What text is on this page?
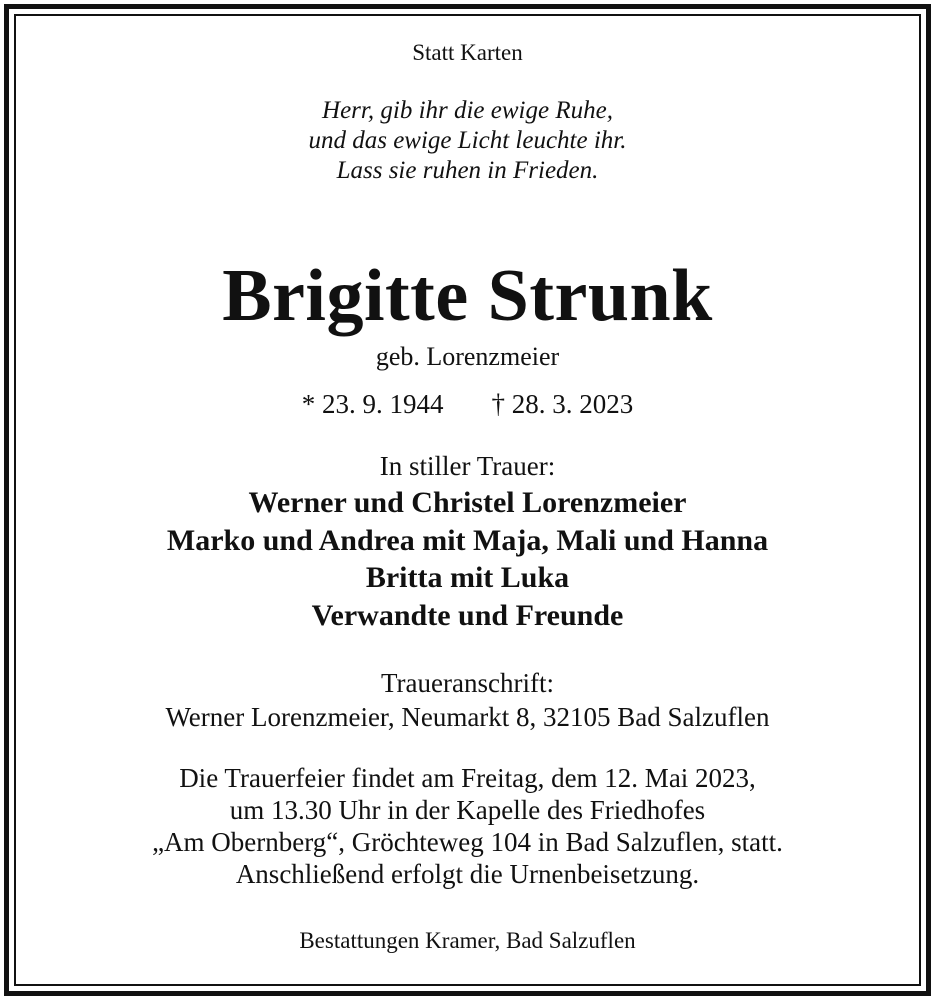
Statt Karten
Herr, gib ihr die ewige Ruhe,
und das ewige Licht leuchte ihr.
Lass sie ruhen in Frieden.
Brigitte Strunk
geb. Lorenzmeier
* 23. 9. 1944 † 28. 3. 2023
In stiller Trauer:
Werner und Christel Lorenzmeier
Marko und Andrea mit Maja, Mali und Hanna
Britta mit Luka
Verwandte und Freunde
Traueranschrift:
Werner Lorenzmeier, Neumarkt 8, 32105 Bad Salzuflen
Die Trauerfeier findet am Freitag, dem 12. Mai 2023,
um 13.30 Uhr in der Kapelle des Friedhofes
„Am Obernberg“, Gröchteweg 104 in Bad Salzuflen, statt.
Anschließend erfolgt die Urnenbeisetzung.
Bestattungen Kramer, Bad Salzuflen
